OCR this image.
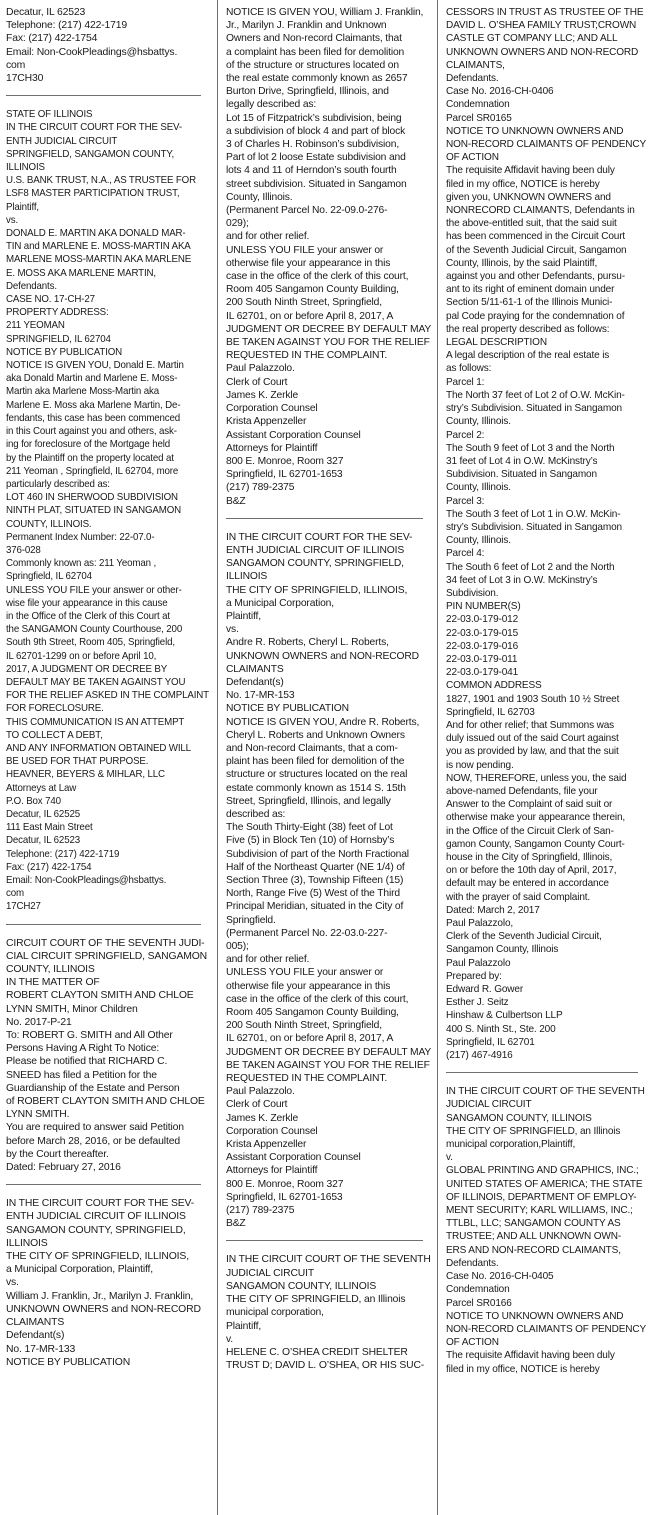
Decatur, IL 62523
Telephone: (217) 422-1719
Fax: (217) 422-1754
Email: Non-CookPleadings@hsbattys.
com
17CH30
STATE OF ILLINOIS
IN THE CIRCUIT COURT FOR THE SEV-
ENTH JUDICIAL CIRCUIT
SPRINGFIELD, SANGAMON COUNTY,
ILLINOIS
U.S. BANK TRUST, N.A., AS TRUSTEE FOR
LSF8 MASTER PARTICIPATION TRUST,
Plaintiff,
vs.
DONALD E. MARTIN AKA DONALD MAR-
TIN and MARLENE E. MOSS-MARTIN AKA
MARLENE MOSS-MARTIN AKA MARLENE
E. MOSS AKA MARLENE MARTIN,
Defendants.
CASE NO. 17-CH-27
PROPERTY ADDRESS:
211 YEOMAN
SPRINGFIELD, IL 62704
NOTICE BY PUBLICATION
NOTICE IS GIVEN YOU, Donald E. Martin
aka Donald Martin and Marlene E. Moss-
Martin aka Marlene Moss-Martin aka
Marlene E. Moss aka Marlene Martin, De-
fendants, this case has been commenced
in this Court against you and others, ask-
ing for foreclosure of the Mortgage held
by the Plaintiff on the property located at
211 Yeoman , Springfield, IL 62704, more
particularly described as:
LOT 460 IN SHERWOOD SUBDIVISION
NINTH PLAT, SITUATED IN SANGAMON
COUNTY, ILLINOIS.
Permanent Index Number: 22-07.0-
376-028
Commonly known as: 211 Yeoman ,
Springfield, IL 62704
UNLESS YOU FILE your answer or other-
wise file your appearance in this cause
in the Office of the Clerk of this Court at
the SANGAMON County Courthouse, 200
South 9th Street, Room 405, Springfield,
IL 62701-1299 on or before April 10,
2017, A JUDGMENT OR DECREE BY
DEFAULT MAY BE TAKEN AGAINST YOU
FOR THE RELIEF ASKED IN THE COMPLAINT
FOR FORECLOSURE.
THIS COMMUNICATION IS AN ATTEMPT
TO COLLECT A DEBT,
AND ANY INFORMATION OBTAINED WILL
BE USED FOR THAT PURPOSE.
HEAVNER, BEYERS & MIHLAR, LLC
Attorneys at Law
P.O. Box 740
Decatur, IL 62525
111 East Main Street
Decatur, IL 62523
Telephone: (217) 422-1719
Fax: (217) 422-1754
Email: Non-CookPleadings@hsbattys.
com
17CH27
CIRCUIT COURT OF THE SEVENTH JUDI-
CIAL CIRCUIT SPRINGFIELD, SANGAMON
COUNTY, ILLINOIS
IN THE MATTER OF
ROBERT CLAYTON SMITH AND CHLOE
LYNN SMITH, Minor Children
No. 2017-P-21
To: ROBERT G. SMITH and All Other
Persons Having A Right To Notice:
Please be notified that RICHARD C.
SNEED has filed a Petition for the
Guardianship of the Estate and Person
of ROBERT CLAYTON SMITH AND CHLOE
LYNN SMITH.
You are required to answer said Petition
before March 28, 2016, or be defaulted
by the Court thereafter.
Dated: February 27, 2016
IN THE CIRCUIT COURT FOR THE SEV-
ENTH JUDICIAL CIRCUIT OF ILLINOIS
SANGAMON COUNTY, SPRINGFIELD,
ILLINOIS
THE CITY OF SPRINGFIELD, ILLINOIS,
a Municipal Corporation, Plaintiff,
vs.
William J. Franklin, Jr., Marilyn J. Franklin,
UNKNOWN OWNERS and NON-RECORD
CLAIMANTS
Defendant(s)
No. 17-MR-133
NOTICE BY PUBLICATION
NOTICE IS GIVEN YOU, William J. Franklin,
Jr., Marilyn J. Franklin and Unknown
Owners and Non-record Claimants, that
a complaint has been filed for demolition
of the structure or structures located on
the real estate commonly known as 2657
Burton Drive, Springfield, Illinois, and
legally described as:
Lot 15 of Fitzpatrick’s subdivision, being
a subdivision of block 4 and part of block
3 of Charles H. Robinson’s subdivision,
Part of lot 2 loose Estate subdivision and
lots 4 and 11 of Herndon’s south fourth
street subdivision. Situated in Sangamon
County, Illinois.
(Permanent Parcel No. 22-09.0-276-
029);
and for other relief.
UNLESS YOU FILE your answer or
otherwise file your appearance in this
case in the office of the clerk of this court,
Room 405 Sangamon County Building,
200 South Ninth Street, Springfield,
IL 62701, on or before April 8, 2017, A
JUDGMENT OR DECREE BY DEFAULT MAY
BE TAKEN AGAINST YOU FOR THE RELIEF
REQUESTED IN THE COMPLAINT.
Paul Palazzolo.
Clerk of Court
James K. Zerkle
Corporation Counsel
Krista Appenzeller
Assistant Corporation Counsel
Attorneys for Plaintiff
800 E. Monroe, Room 327
Springfield, IL 62701-1653
(217) 789-2375
B&Z
IN THE CIRCUIT COURT FOR THE SEV-
ENTH JUDICIAL CIRCUIT OF ILLINOIS
SANGAMON COUNTY, SPRINGFIELD,
ILLINOIS
THE CITY OF SPRINGFIELD, ILLINOIS,
a Municipal Corporation,
Plaintiff,
vs.
Andre R. Roberts, Cheryl L. Roberts,
UNKNOWN OWNERS and NON-RECORD
CLAIMANTS
Defendant(s)
No. 17-MR-153
NOTICE BY PUBLICATION
NOTICE IS GIVEN YOU, Andre R. Roberts,
Cheryl L. Roberts and Unknown Owners
and Non-record Claimants, that a com-
plaint has been filed for demolition of the
structure or structures located on the real
estate commonly known as 1514 S. 15th
Street, Springfield, Illinois, and legally
described as:
The South Thirty-Eight (38) feet of Lot
Five (5) in Block Ten (10) of Hornsby’s
Subdivision of part of the North Fractional
Half of the Northeast Quarter (NE 1/4) of
Section Three (3), Township Fifteen (15)
North, Range Five (5) West of the Third
Principal Meridian, situated in the City of
Springfield.
(Permanent Parcel No. 22-03.0-227-
005);
and for other relief.
UNLESS YOU FILE your answer or
otherwise file your appearance in this
case in the office of the clerk of this court,
Room 405 Sangamon County Building,
200 South Ninth Street, Springfield,
IL 62701, on or before April 8, 2017, A
JUDGMENT OR DECREE BY DEFAULT MAY
BE TAKEN AGAINST YOU FOR THE RELIEF
REQUESTED IN THE COMPLAINT.
Paul Palazzolo.
Clerk of Court
James K. Zerkle
Corporation Counsel
Krista Appenzeller
Assistant Corporation Counsel
Attorneys for Plaintiff
800 E. Monroe, Room 327
Springfield, IL 62701-1653
(217) 789-2375
B&Z
IN THE CIRCUIT COURT OF THE SEVENTH
JUDICIAL CIRCUIT
SANGAMON COUNTY, ILLINOIS
THE CITY OF SPRINGFIELD, an Illinois
municipal corporation,
Plaintiff,
v.
HELENE C. O’SHEA CREDIT SHELTER
TRUST D; DAVID L. O’SHEA, OR HIS SUC-
CESSORS IN TRUST AS TRUSTEE OF THE
DAVID L. O’SHEA FAMILY TRUST;CROWN
CASTLE GT COMPANY LLC; AND ALL
UNKNOWN OWNERS AND NON-RECORD
CLAIMANTS,
Defendants.
Case No. 2016-CH-0406
Condemnation
Parcel SR0165
NOTICE TO UNKNOWN OWNERS AND
NON-RECORD CLAIMANTS OF PENDENCY
OF ACTION
The requisite Affidavit having been duly
filed in my office, NOTICE is hereby
given you, UNKNOWN OWNERS and
NONRECORD CLAIMANTS, Defendants in
the above-entitled suit, that the said suit
has been commenced in the Circuit Court
of the Seventh Judicial Circuit, Sangamon
County, Illinois, by the said Plaintiff,
against you and other Defendants, pursu-
ant to its right of eminent domain under
Section 5/11-61-1 of the Illinois Munici-
pal Code praying for the condemnation of
the real property described as follows:
LEGAL DESCRIPTION
A legal description of the real estate is
as follows:
Parcel 1:
The North 37 feet of Lot 2 of O.W. McKin-
stry’s Subdivision. Situated in Sangamon
County, Illinois.
Parcel 2:
The South 9 feet of Lot 3 and the North
31 feet of Lot 4 in O.W. McKinstry’s
Subdivision. Situated in Sangamon
County, Illinois.
Parcel 3:
The South 3 feet of Lot 1 in O.W. McKin-
stry’s Subdivision. Situated in Sangamon
County, Illinois.
Parcel 4:
The South 6 feet of Lot 2 and the North
34 feet of Lot 3 in O.W. McKinstry’s
Subdivision.
PIN NUMBER(S)
22-03.0-179-012
22-03.0-179-015
22-03.0-179-016
22-03.0-179-011
22-03.0-179-041
COMMON ADDRESS
1827, 1901 and 1903 South 10 ½ Street
Springfield, IL 62703
And for other relief; that Summons was
duly issued out of the said Court against
you as provided by law, and that the suit
is now pending.
NOW, THEREFORE, unless you, the said
above-named Defendants, file your
Answer to the Complaint of said suit or
otherwise make your appearance therein,
in the Office of the Circuit Clerk of San-
gamon County, Sangamon County Court-
house in the City of Springfield, Illinois,
on or before the 10th day of April, 2017,
default may be entered in accordance
with the prayer of said Complaint.
Dated: March 2, 2017
Paul Palazzolo,
Clerk of the Seventh Judicial Circuit,
Sangamon County, Illinois
Paul Palazzolo
Prepared by:
Edward R. Gower
Esther J. Seitz
Hinshaw & Culbertson LLP
400 S. Ninth St., Ste. 200
Springfield, IL 62701
(217) 467-4916
IN THE CIRCUIT COURT OF THE SEVENTH
JUDICIAL CIRCUIT
SANGAMON COUNTY, ILLINOIS
THE CITY OF SPRINGFIELD, an Illinois
municipal corporation,Plaintiff,
v.
GLOBAL PRINTING AND GRAPHICS, INC.;
UNITED STATES OF AMERICA; THE STATE
OF ILLINOIS, DEPARTMENT OF EMPLOY-
MENT SECURITY; KARL WILLIAMS, INC.;
TTLBL, LLC; SANGAMON COUNTY AS
TRUSTEE; AND ALL UNKNOWN OWN-
ERS AND NON-RECORD CLAIMANTS,
Defendants.
Case No. 2016-CH-0405
Condemnation
Parcel SR0166
NOTICE TO UNKNOWN OWNERS AND
NON-RECORD CLAIMANTS OF PENDENCY
OF ACTION
The requisite Affidavit having been duly
filed in my office, NOTICE is hereby
